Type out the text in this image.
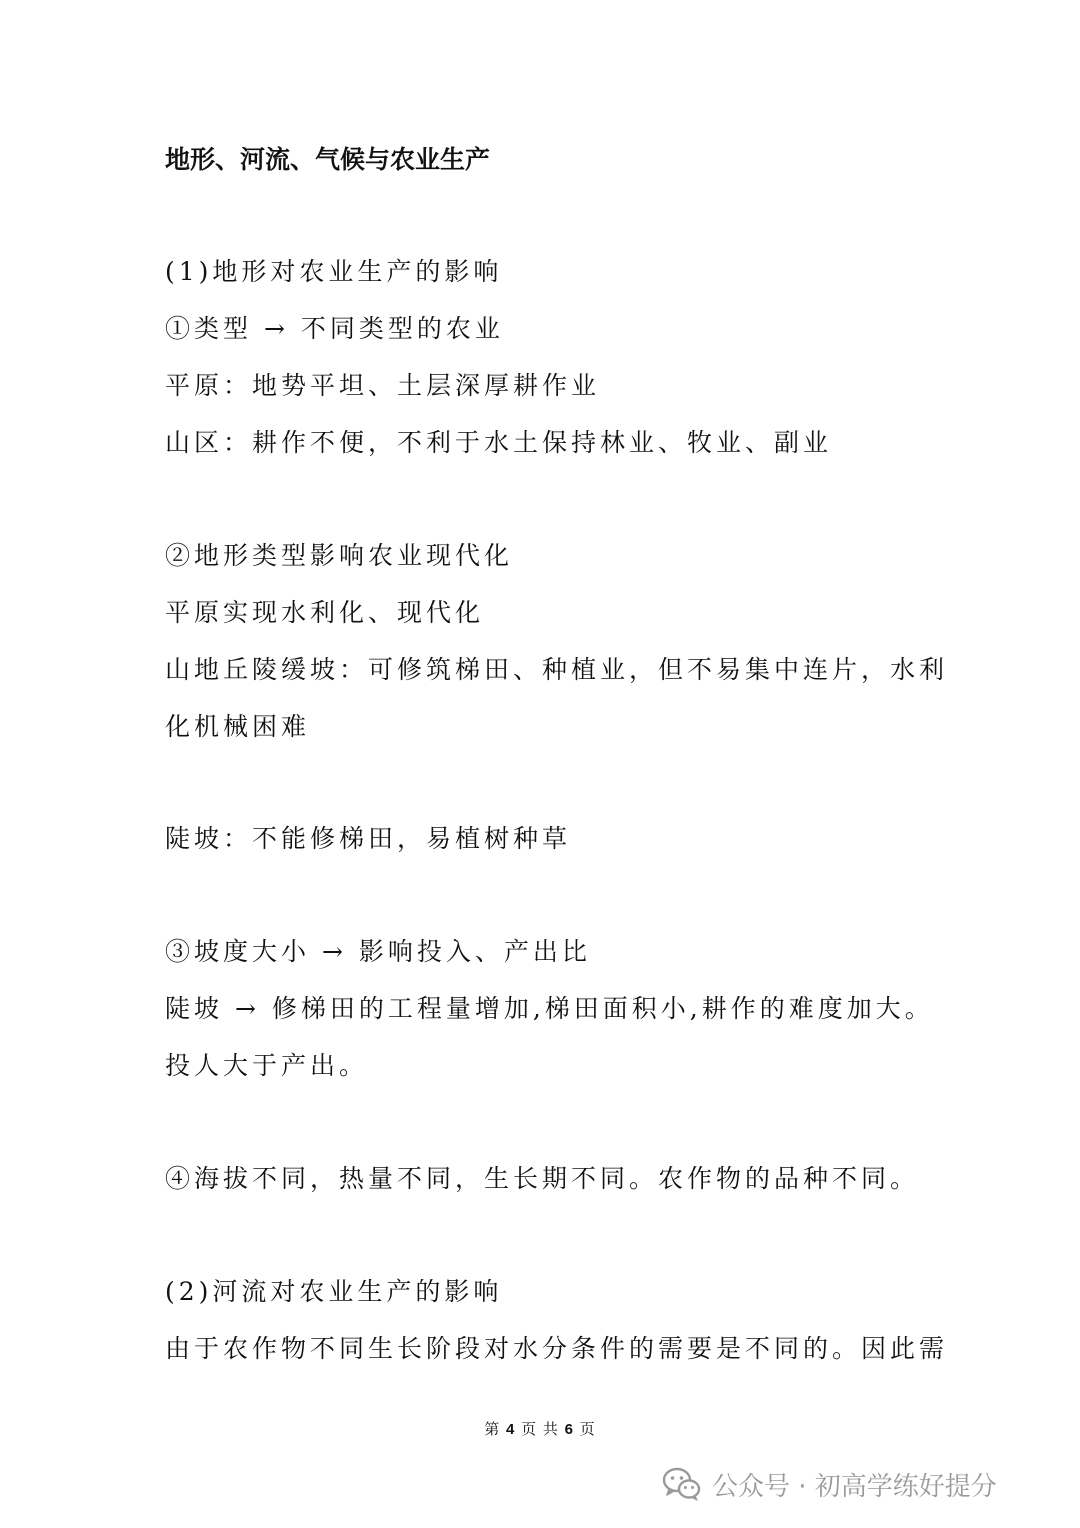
地形、河流、气候与农业生产
(1)地形对农业生产的影响
①类型 → 不同类型的农业
平原：地势平坦、土层深厚耕作业
山区：耕作不便，不利于水土保持林业、牧业、副业
②地形类型影响农业现代化
平原实现水利化、现代化
山地丘陵缓坡：可修筑梯田、种植业，但不易集中连片，水利
化机械困难
陡坡：不能修梯田，易植树种草
③坡度大小 → 影响投入、产出比
陡坡 → 修梯田的工程量增加,梯田面积小,耕作的难度加大。
投人大于产出。
④海拔不同，热量不同，生长期不同。农作物的品种不同。
(2)河流对农业生产的影响
由于农作物不同生长阶段对水分条件的需要是不同的。因此需
第 4 页 共 6 页
公众号 · 初高学练好提分
